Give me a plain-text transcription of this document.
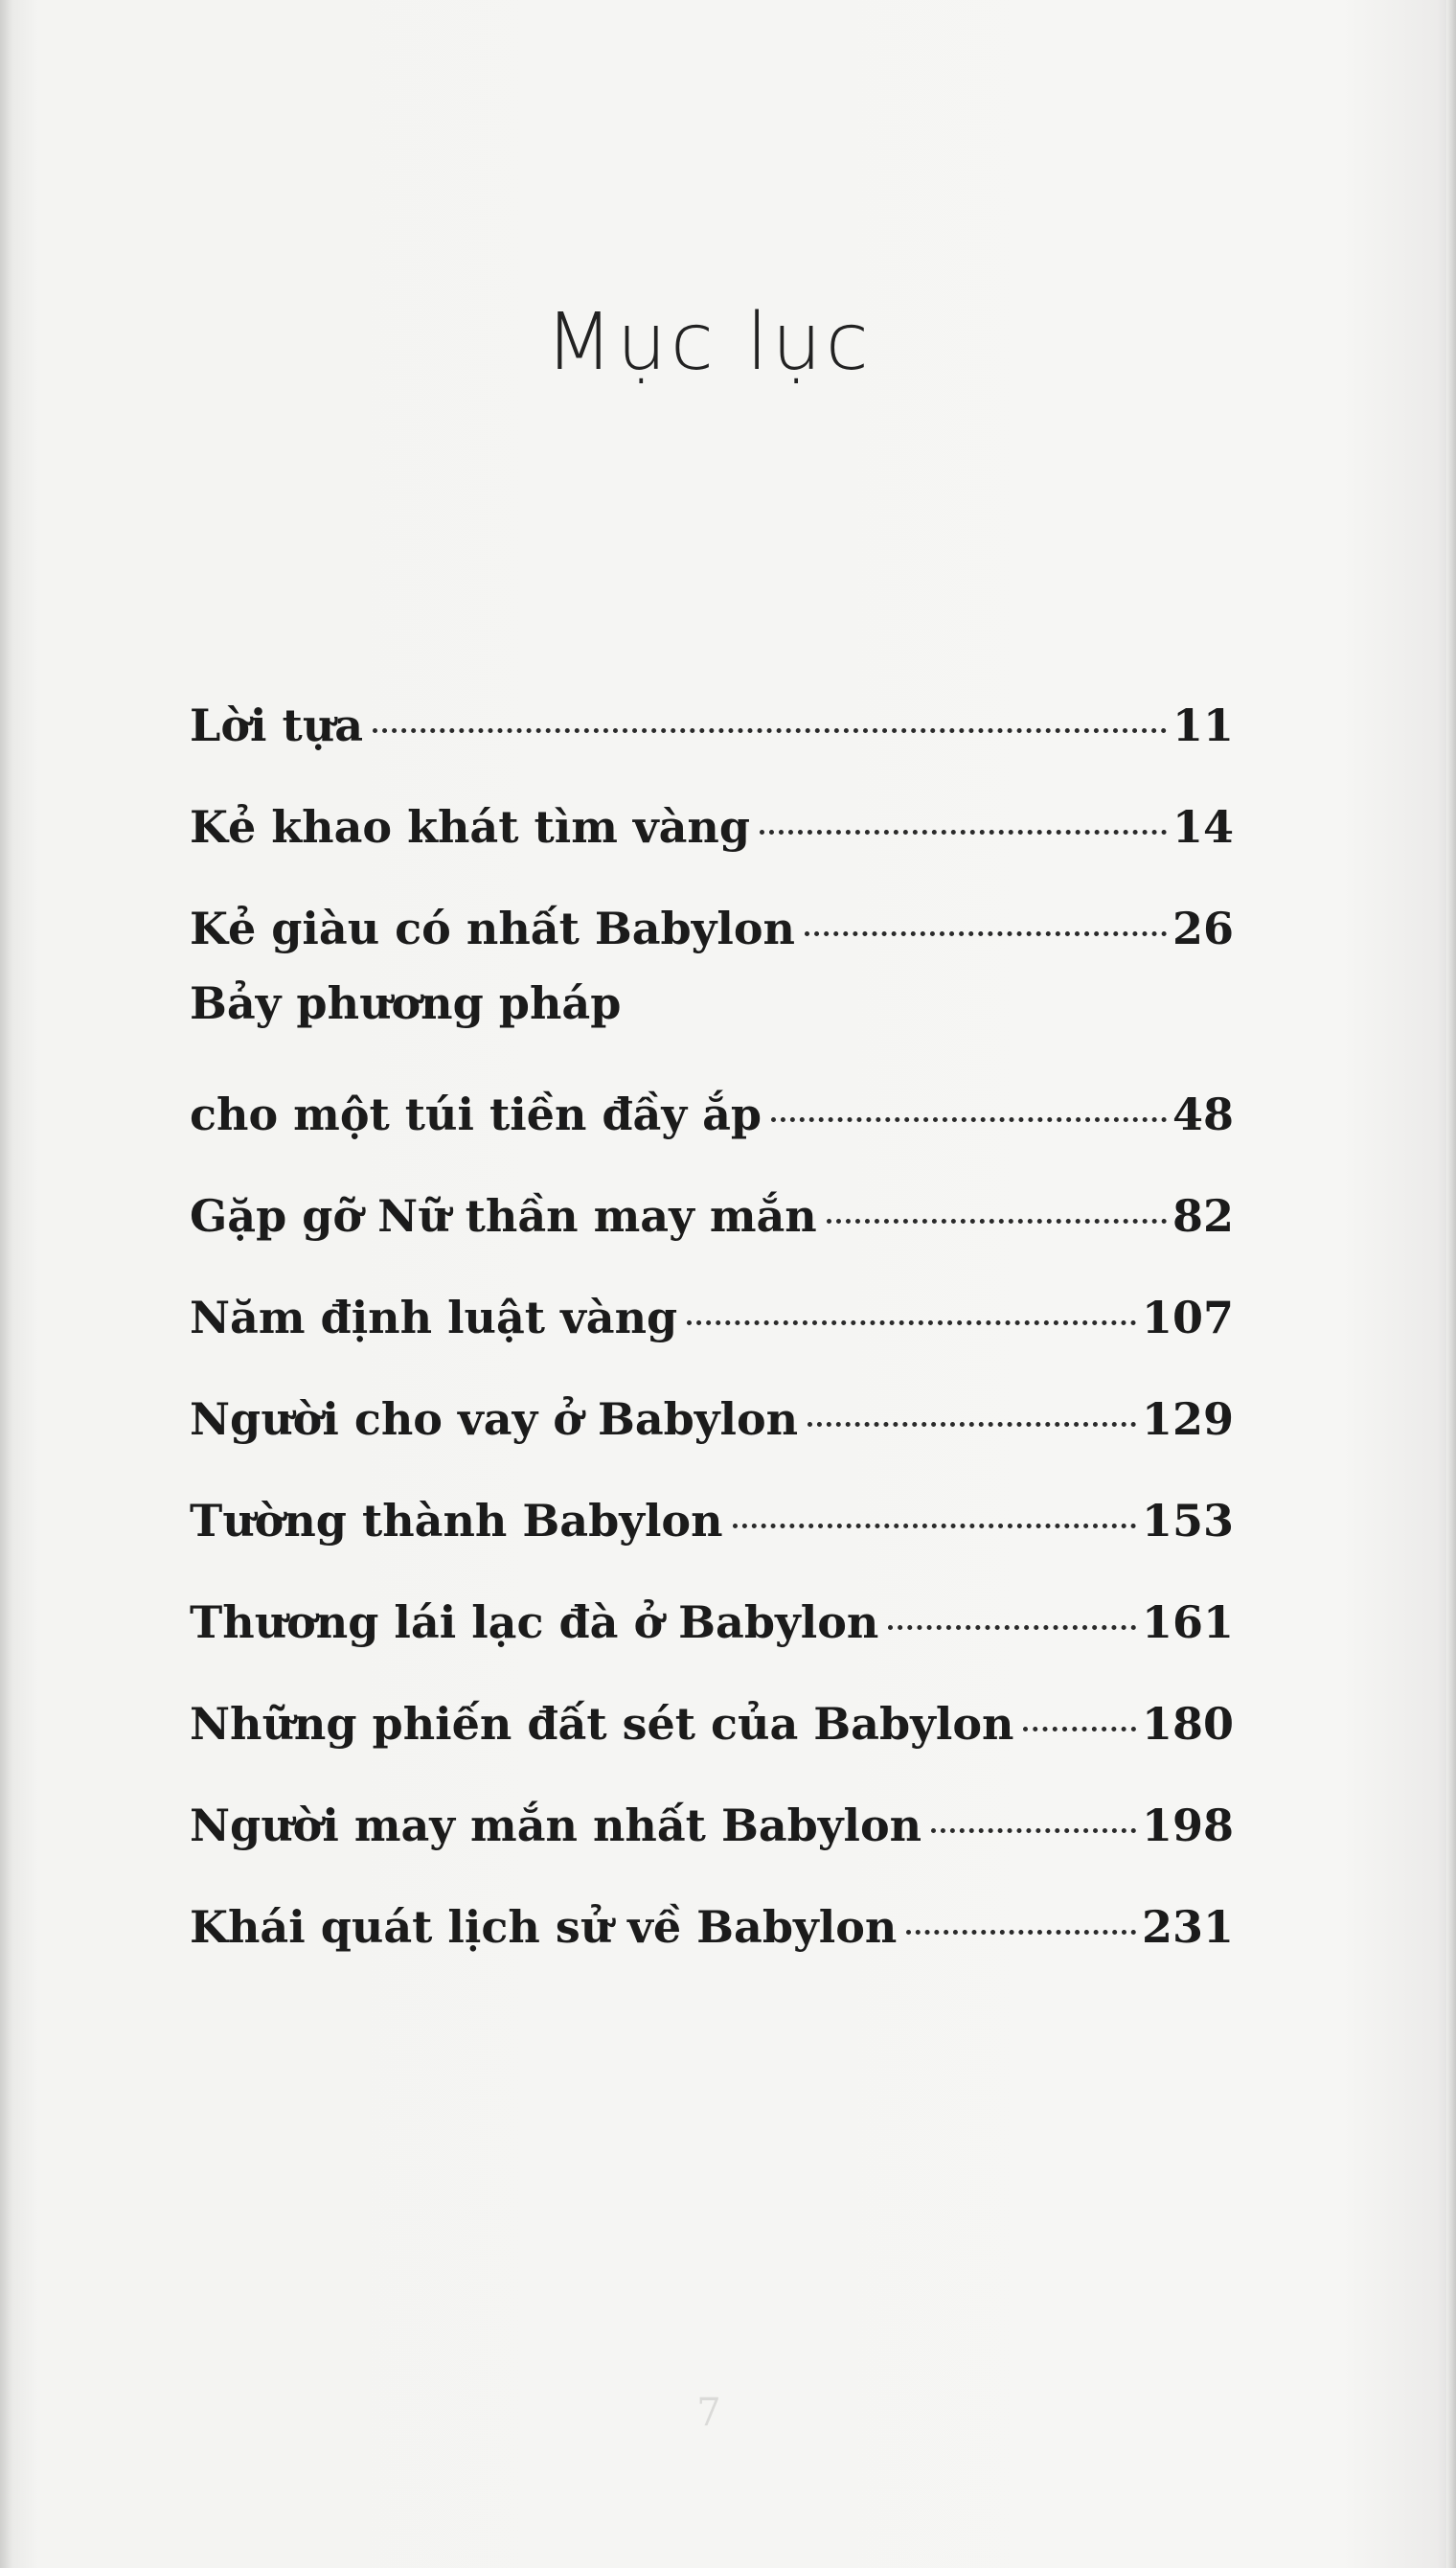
Mục lục
Lời tựa	11
Kẻ khao khát tìm vàng	14
Kẻ giàu có nhất Babylon	26
Bảy phương pháp
cho một túi tiền đầy ắp	48
Gặp gỡ Nữ thần may mắn	82
Năm định luật vàng	107
Người cho vay ở Babylon	129
Tường thành Babylon	153
Thương lái lạc đà ở Babylon	161
Những phiến đất sét của Babylon	180
Người may mắn nhất Babylon	198
Khái quát lịch sử về Babylon	231
7
